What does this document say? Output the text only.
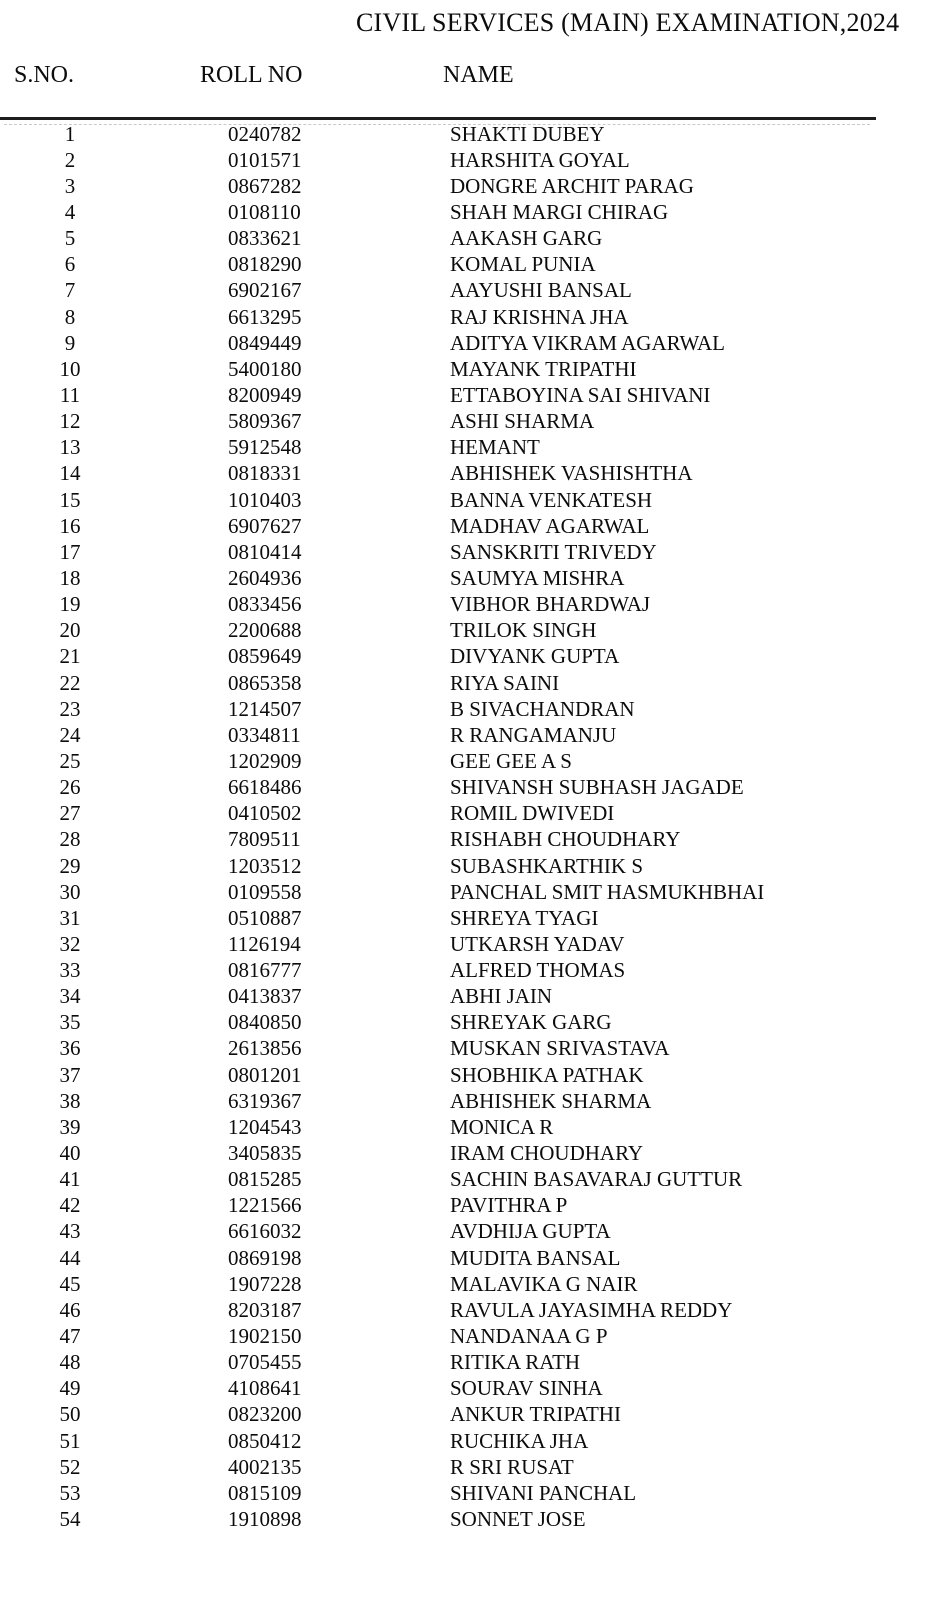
CIVIL SERVICES (MAIN) EXAMINATION,2024
S.NO.	ROLL NO	NAME
1	0240782	SHAKTI DUBEY
2	0101571	HARSHITA GOYAL
3	0867282	DONGRE ARCHIT PARAG
4	0108110	SHAH MARGI CHIRAG
5	0833621	AAKASH GARG
6	0818290	KOMAL PUNIA
7	6902167	AAYUSHI BANSAL
8	6613295	RAJ KRISHNA JHA
9	0849449	ADITYA VIKRAM AGARWAL
10	5400180	MAYANK TRIPATHI
11	8200949	ETTABOYINA SAI SHIVANI
12	5809367	ASHI SHARMA
13	5912548	HEMANT
14	0818331	ABHISHEK VASHISHTHA
15	1010403	BANNA VENKATESH
16	6907627	MADHAV AGARWAL
17	0810414	SANSKRITI TRIVEDY
18	2604936	SAUMYA MISHRA
19	0833456	VIBHOR BHARDWAJ
20	2200688	TRILOK SINGH
21	0859649	DIVYANK GUPTA
22	0865358	RIYA SAINI
23	1214507	B SIVACHANDRAN
24	0334811	R RANGAMANJU
25	1202909	GEE GEE A S
26	6618486	SHIVANSH SUBHASH JAGADE
27	0410502	ROMIL DWIVEDI
28	7809511	RISHABH CHOUDHARY
29	1203512	SUBASHKARTHIK S
30	0109558	PANCHAL SMIT HASMUKHBHAI
31	0510887	SHREYA TYAGI
32	1126194	UTKARSH YADAV
33	0816777	ALFRED THOMAS
34	0413837	ABHI JAIN
35	0840850	SHREYAK GARG
36	2613856	MUSKAN SRIVASTAVA
37	0801201	SHOBHIKA PATHAK
38	6319367	ABHISHEK SHARMA
39	1204543	MONICA R
40	3405835	IRAM CHOUDHARY
41	0815285	SACHIN BASAVARAJ GUTTUR
42	1221566	PAVITHRA P
43	6616032	AVDHIJA GUPTA
44	0869198	MUDITA BANSAL
45	1907228	MALAVIKA G NAIR
46	8203187	RAVULA JAYASIMHA REDDY
47	1902150	NANDANAA G P
48	0705455	RITIKA RATH
49	4108641	SOURAV SINHA
50	0823200	ANKUR TRIPATHI
51	0850412	RUCHIKA JHA
52	4002135	R SRI RUSAT
53	0815109	SHIVANI PANCHAL
54	1910898	SONNET JOSE
